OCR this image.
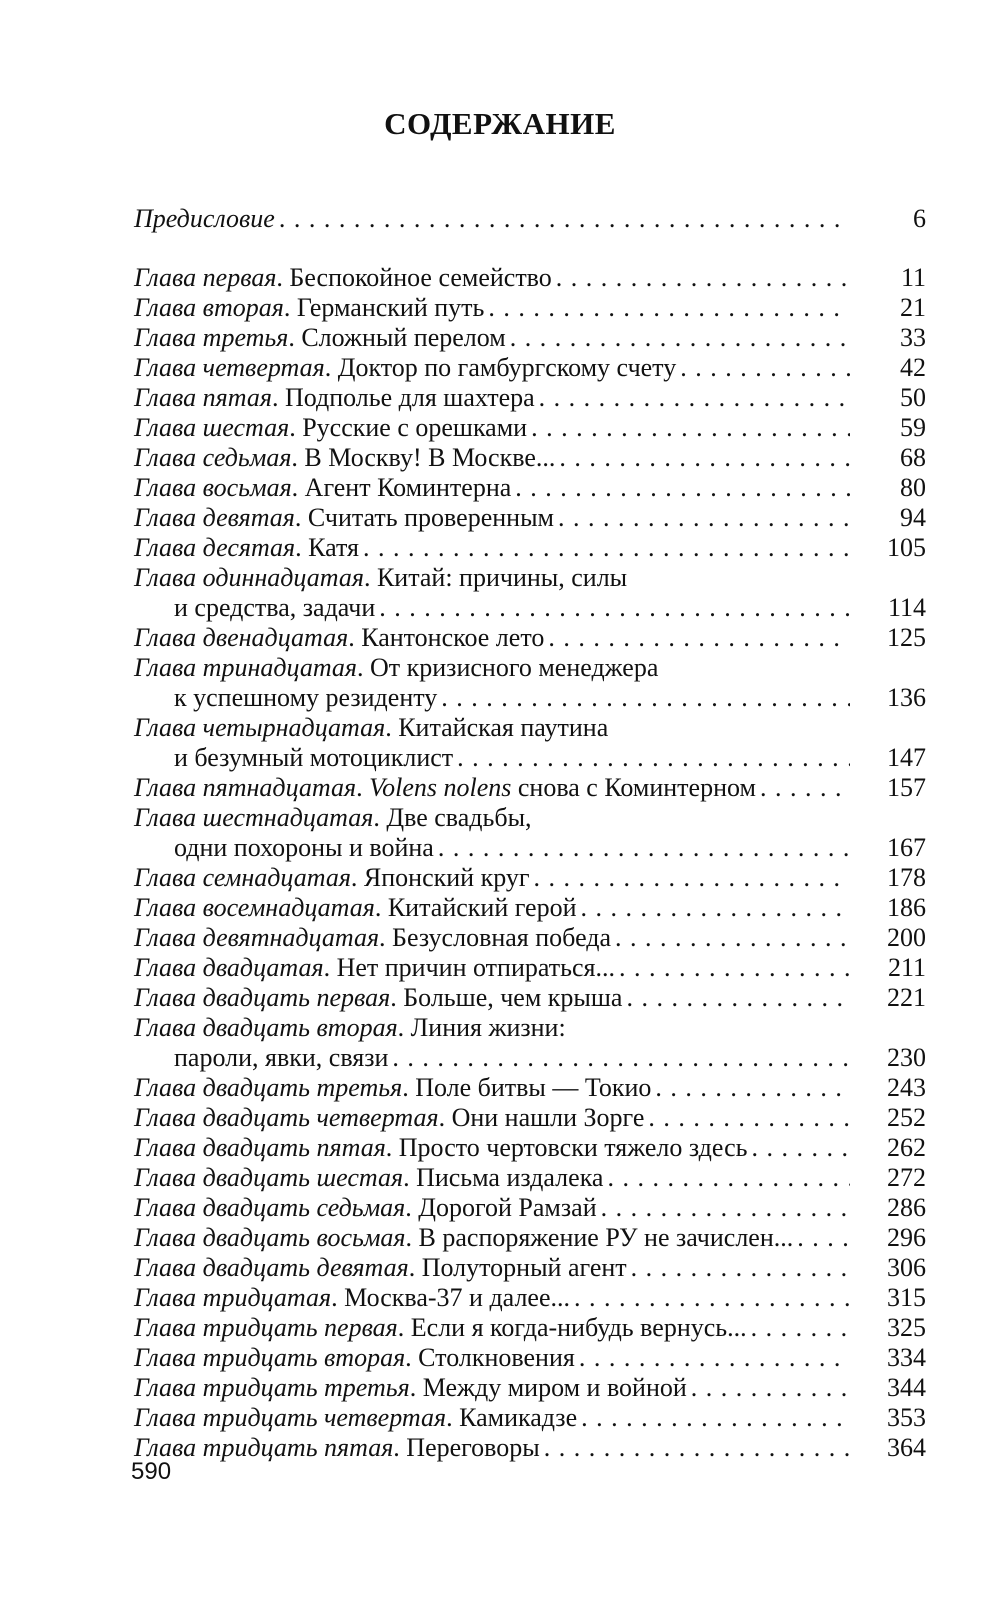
СОДЕРЖАНИЕ
Предисловие . . .	6
Глава первая. Беспокойное семейство . . .	11
Глава вторая. Германский путь . . .	21
Глава третья. Сложный перелом . . .	33
Глава четвертая. Доктор по гамбургскому счету . . .	42
Глава пятая. Подполье для шахтера . . .	50
Глава шестая. Русские с орешками . . .	59
Глава седьмая. В Москву! В Москве... . . .	68
Глава восьмая. Агент Коминтерна . . .	80
Глава девятая. Считать проверенным . . .	94
Глава десятая. Катя . . .	105
Глава одиннадцатая. Китай: причины, силы
и средства, задачи . . .	114
Глава двенадцатая. Кантонское лето . . .	125
Глава тринадцатая. От кризисного менеджера
к успешному резиденту . . .	136
Глава четырнадцатая. Китайская паутина
и безумный мотоциклист . . .	147
Глава пятнадцатая. Volens nolens снова с Коминтерном . . .	157
Глава шестнадцатая. Две свадьбы,
одни похороны и война . . .	167
Глава семнадцатая. Японский круг . . .	178
Глава восемнадцатая. Китайский герой . . .	186
Глава девятнадцатая. Безусловная победа . . .	200
Глава двадцатая. Нет причин отпираться... . . .	211
Глава двадцать первая. Больше, чем крыша . . .	221
Глава двадцать вторая. Линия жизни:
пароли, явки, связи . . .	230
Глава двадцать третья. Поле битвы — Токио . . .	243
Глава двадцать четвертая. Они нашли Зорге . . .	252
Глава двадцать пятая. Просто чертовски тяжело здесь . . .	262
Глава двадцать шестая. Письма издалека . . .	272
Глава двадцать седьмая. Дорогой Рамзай . . .	286
Глава двадцать восьмая. В распоряжение РУ не зачислен... . . .	296
Глава двадцать девятая. Полуторный агент . . .	306
Глава тридцатая. Москва-37 и далее... . . .	315
Глава тридцать первая. Если я когда-нибудь вернусь... . . .	325
Глава тридцать вторая. Столкновения . . .	334
Глава тридцать третья. Между миром и войной . . .	344
Глава тридцать четвертая. Камикадзе . . .	353
Глава тридцать пятая. Переговоры . . .	364
590
